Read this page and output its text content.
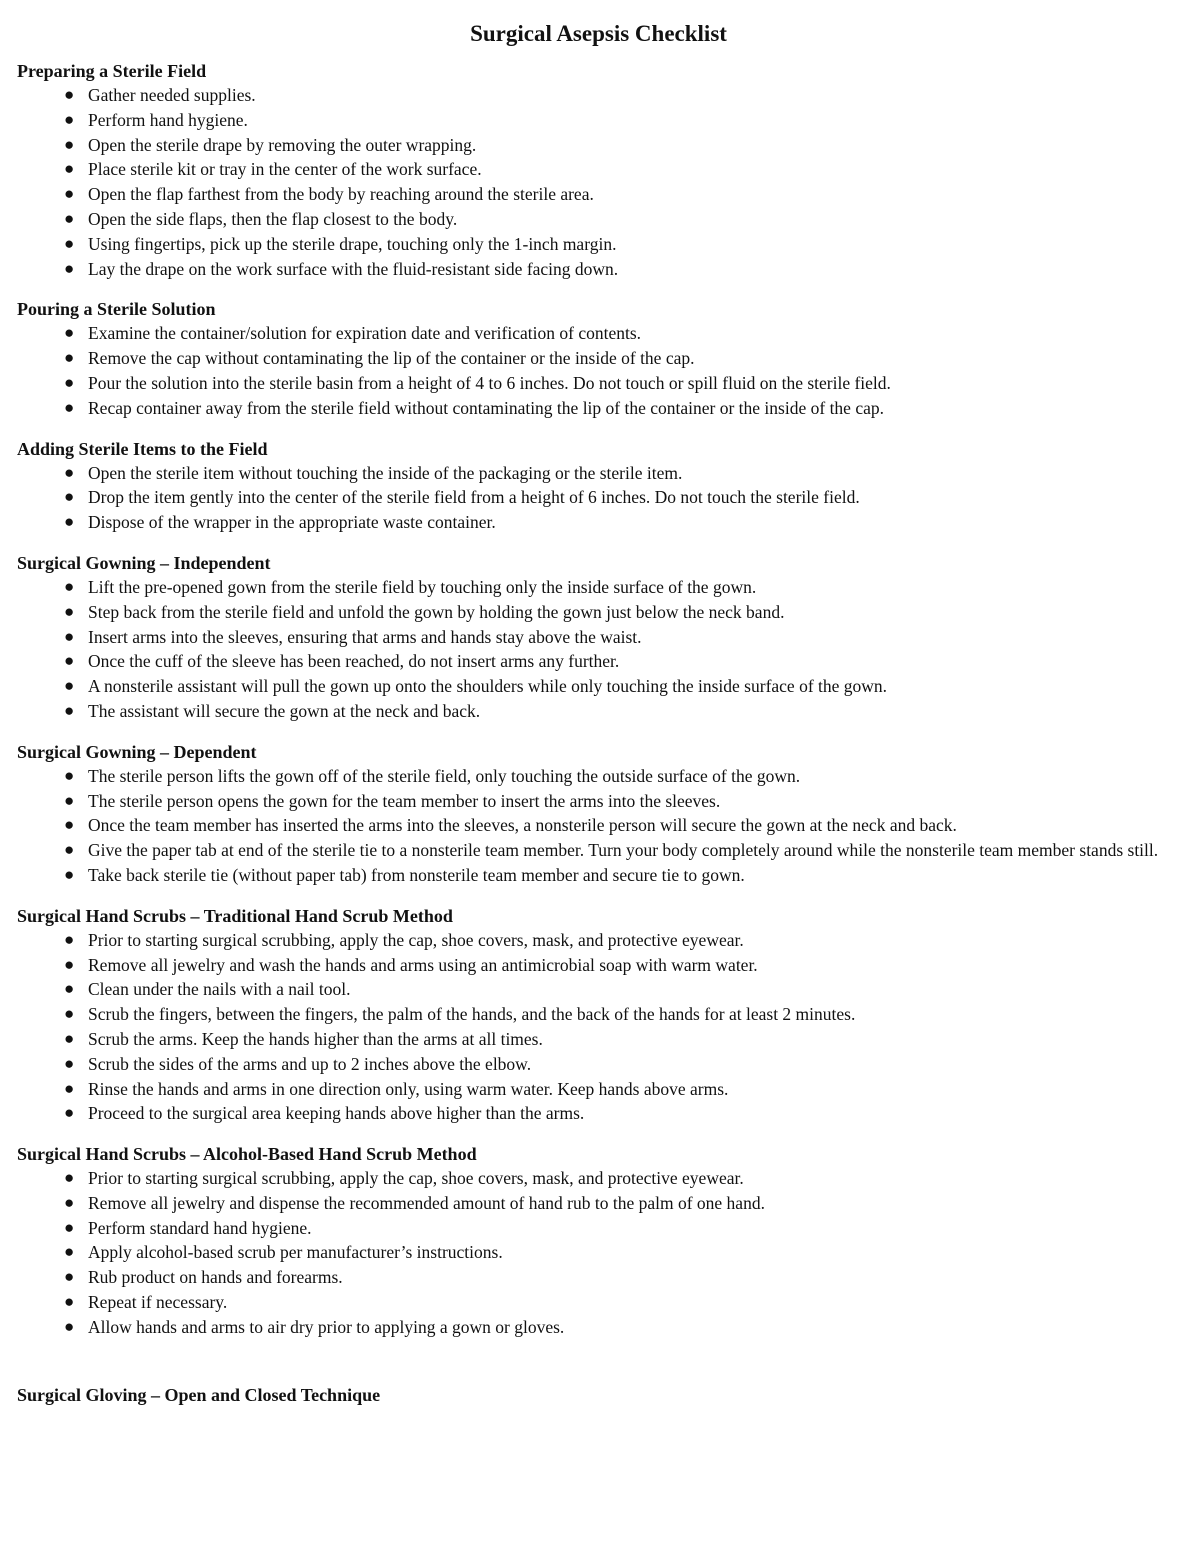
Surgical Asepsis Checklist
Preparing a Sterile Field
● Gather needed supplies.
● Perform hand hygiene.
● Open the sterile drape by removing the outer wrapping.
● Place sterile kit or tray in the center of the work surface.
● Open the flap farthest from the body by reaching around the sterile area.
● Open the side flaps, then the flap closest to the body.
● Using fingertips, pick up the sterile drape, touching only the 1-inch margin.
● Lay the drape on the work surface with the fluid-resistant side facing down.
Pouring a Sterile Solution
● Examine the container/solution for expiration date and verification of contents.
● Remove the cap without contaminating the lip of the container or the inside of the cap.
● Pour the solution into the sterile basin from a height of 4 to 6 inches. Do not touch or spill fluid on the sterile field.
● Recap container away from the sterile field without contaminating the lip of the container or the inside of the cap.
Adding Sterile Items to the Field
● Open the sterile item without touching the inside of the packaging or the sterile item.
● Drop the item gently into the center of the sterile field from a height of 6 inches. Do not touch the sterile field.
● Dispose of the wrapper in the appropriate waste container.
Surgical Gowning – Independent
● Lift the pre-opened gown from the sterile field by touching only the inside surface of the gown.
● Step back from the sterile field and unfold the gown by holding the gown just below the neck band.
● Insert arms into the sleeves, ensuring that arms and hands stay above the waist.
● Once the cuff of the sleeve has been reached, do not insert arms any further.
● A nonsterile assistant will pull the gown up onto the shoulders while only touching the inside surface of the gown.
● The assistant will secure the gown at the neck and back.
Surgical Gowning – Dependent
● The sterile person lifts the gown off of the sterile field, only touching the outside surface of the gown.
● The sterile person opens the gown for the team member to insert the arms into the sleeves.
● Once the team member has inserted the arms into the sleeves, a nonsterile person will secure the gown at the neck and back.
● Give the paper tab at end of the sterile tie to a nonsterile team member. Turn your body completely around while the nonsterile team member stands still.
● Take back sterile tie (without paper tab) from nonsterile team member and secure tie to gown.
Surgical Hand Scrubs – Traditional Hand Scrub Method
● Prior to starting surgical scrubbing, apply the cap, shoe covers, mask, and protective eyewear.
● Remove all jewelry and wash the hands and arms using an antimicrobial soap with warm water.
● Clean under the nails with a nail tool.
● Scrub the fingers, between the fingers, the palm of the hands, and the back of the hands for at least 2 minutes.
● Scrub the arms. Keep the hands higher than the arms at all times.
● Scrub the sides of the arms and up to 2 inches above the elbow.
● Rinse the hands and arms in one direction only, using warm water. Keep hands above arms.
● Proceed to the surgical area keeping hands above higher than the arms.
Surgical Hand Scrubs – Alcohol-Based Hand Scrub Method
● Prior to starting surgical scrubbing, apply the cap, shoe covers, mask, and protective eyewear.
● Remove all jewelry and dispense the recommended amount of hand rub to the palm of one hand.
● Perform standard hand hygiene.
● Apply alcohol-based scrub per manufacturer’s instructions.
● Rub product on hands and forearms.
● Repeat if necessary.
● Allow hands and arms to air dry prior to applying a gown or gloves.
Surgical Gloving – Open and Closed Technique
